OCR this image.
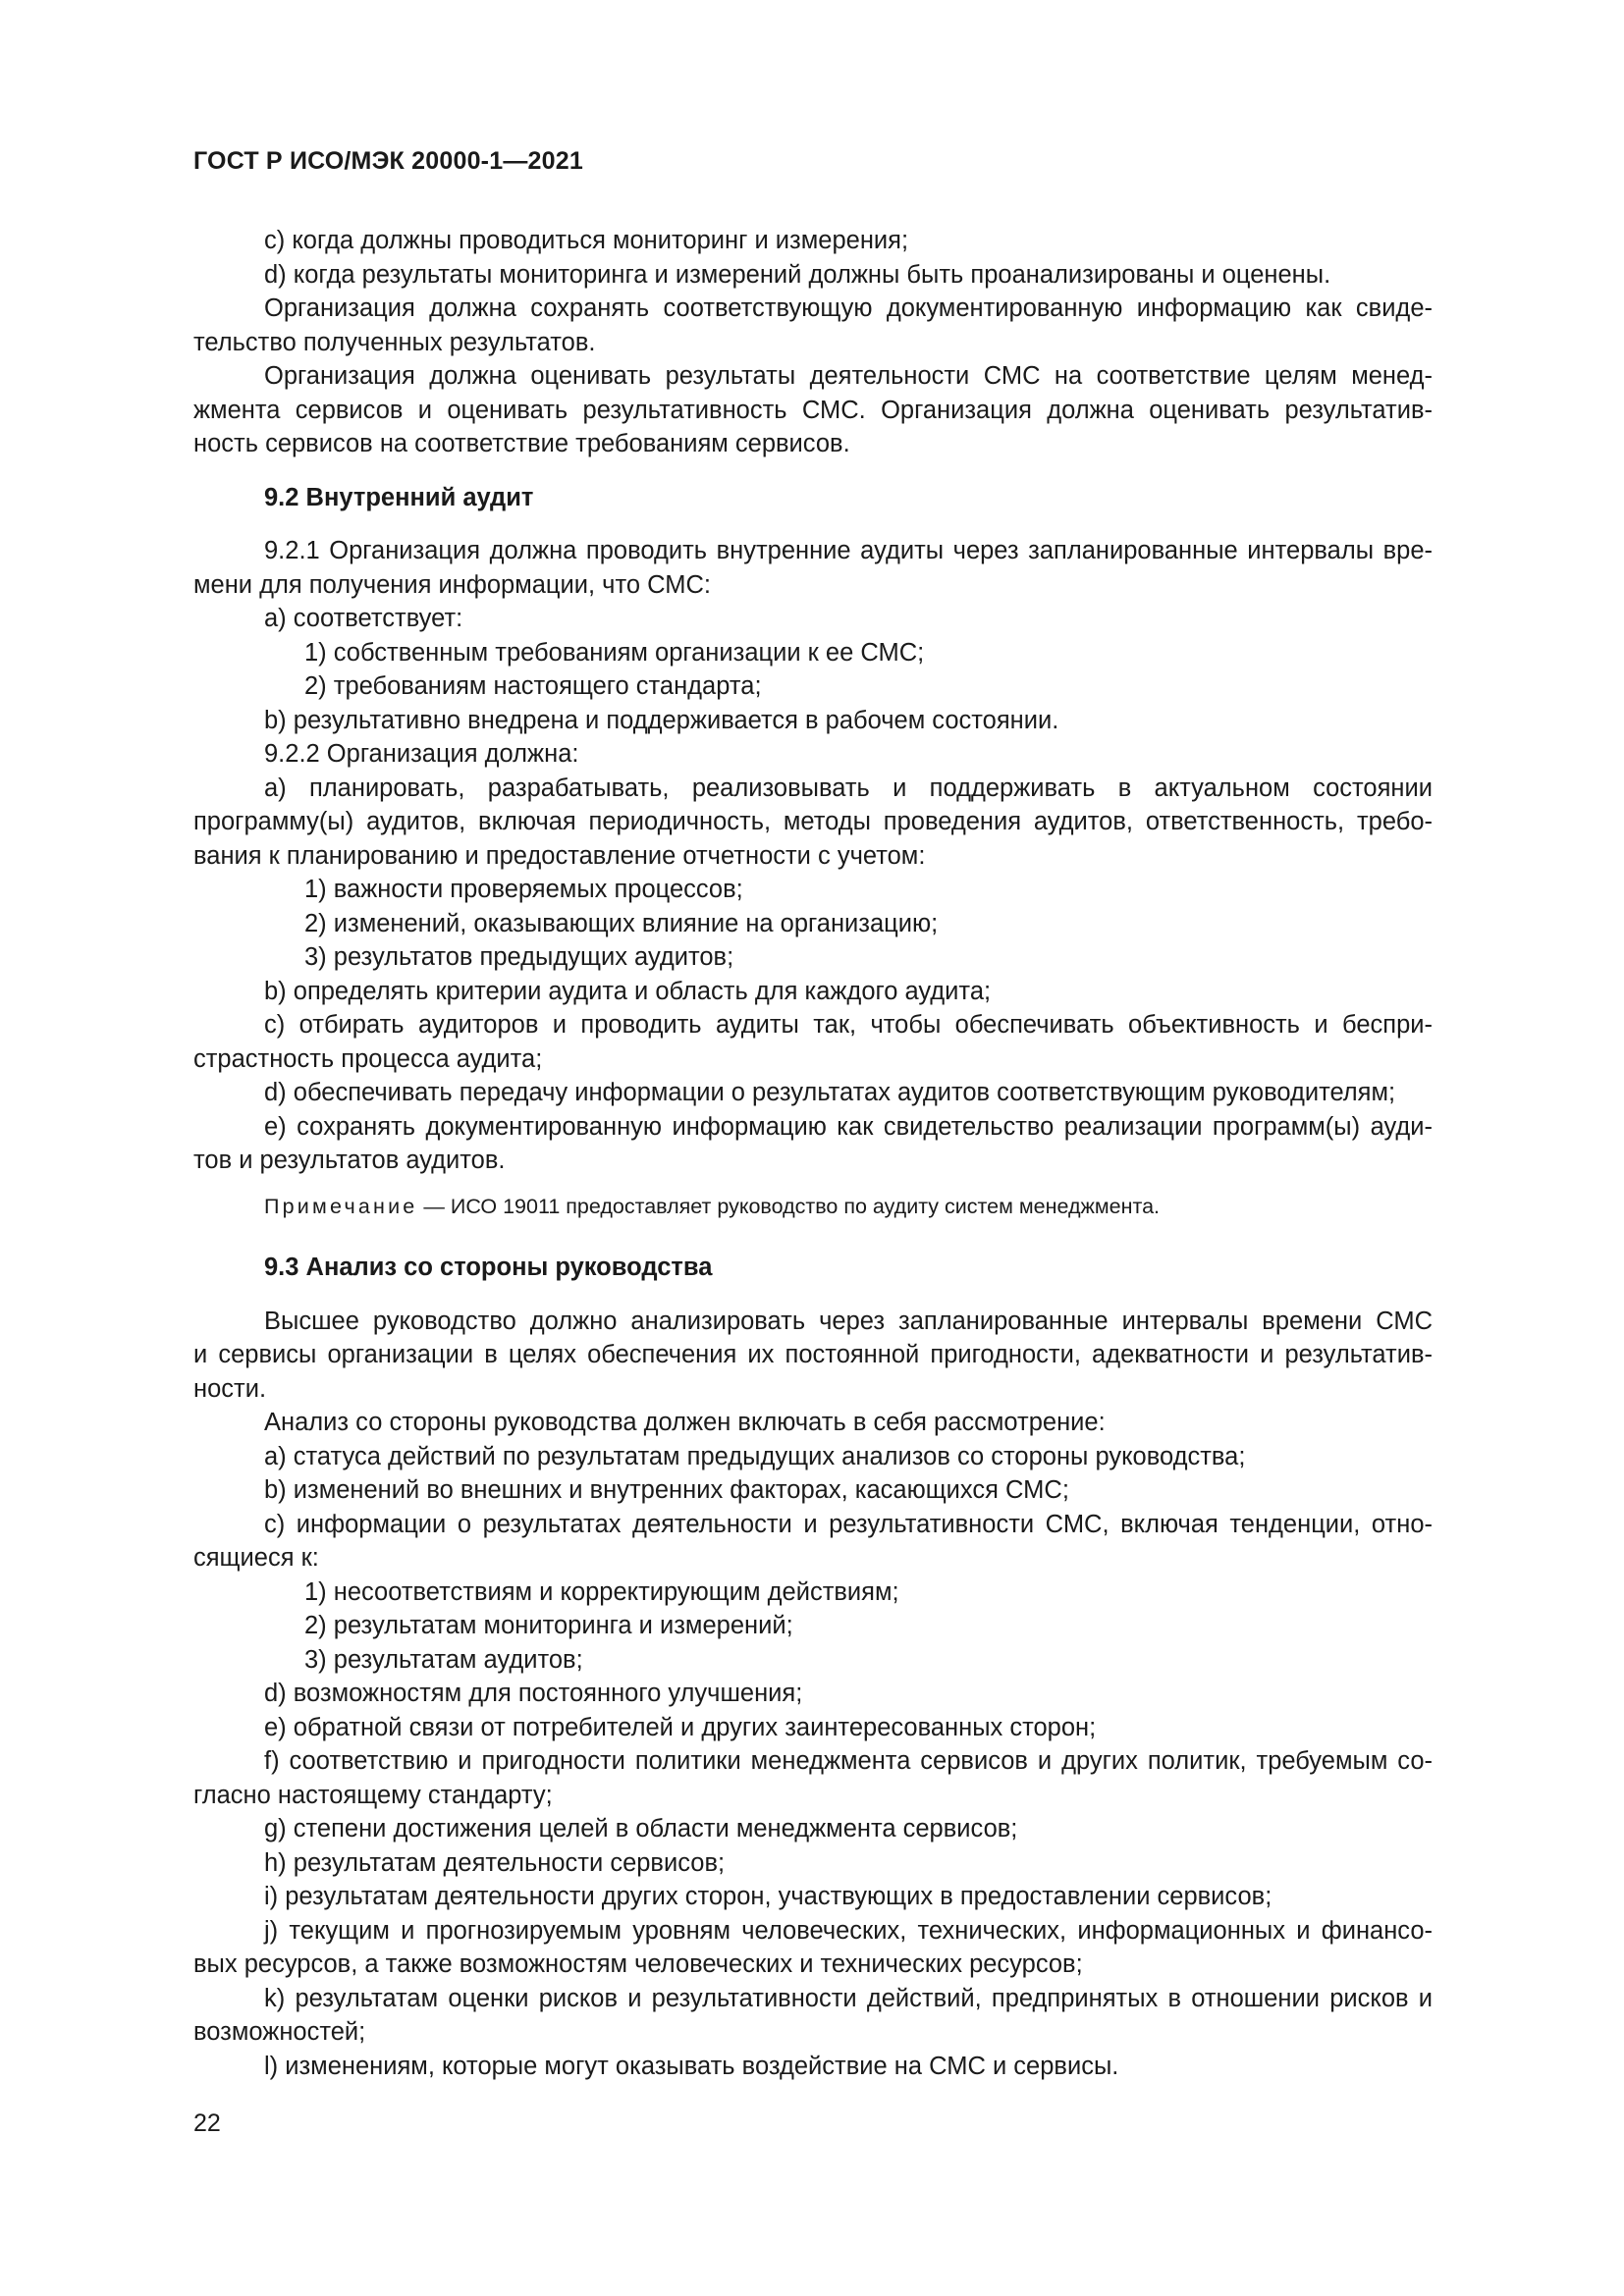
ГОСТ Р ИСО/МЭК 20000-1—2021

c) когда должны проводиться мониторинг и измерения;

d) когда результаты мониторинга и измерений должны быть проанализированы и оценены.

Организация должна сохранять соответствующую документированную информацию как свиде-

тельство полученных результатов.

Организация должна оценивать результаты деятельности СМС на соответствие целям менед-

жмента сервисов и оценивать результативность СМС. Организация должна оценивать результатив-

ность сервисов на соответствие требованиям сервисов.

9.2 Внутренний аудит

9.2.1 Организация должна проводить внутренние аудиты через запланированные интервалы вре-

мени для получения информации, что СМС:

a) соответствует:

1) собственным требованиям организации к ее СМС;

2) требованиям настоящего стандарта;

b) результативно внедрена и поддерживается в рабочем состоянии.

9.2.2 Организация должна:

a) планировать, разрабатывать, реализовывать и поддерживать в актуальном состоянии

программу(ы) аудитов, включая периодичность, методы проведения аудитов, ответственность, требо-

вания к планированию и предоставление отчетности с учетом:

1) важности проверяемых процессов;

2) изменений, оказывающих влияние на организацию;

3) результатов предыдущих аудитов;

b) определять критерии аудита и область для каждого аудита;

c) отбирать аудиторов и проводить аудиты так, чтобы обеспечивать объективность и беспри-

страстность процесса аудита;

d) обеспечивать передачу информации о результатах аудитов соответствующим руководителям;

e) сохранять документированную информацию как свидетельство реализации программ(ы) ауди-

тов и результатов аудитов.

Примечание — ИСО 19011 предоставляет руководство по аудиту систем менеджмента.

9.3 Анализ со стороны руководства

Высшее руководство должно анализировать через запланированные интервалы времени СМС

и сервисы организации в целях обеспечения их постоянной пригодности, адекватности и результатив-

ности.

Анализ со стороны руководства должен включать в себя рассмотрение:

a) статуса действий по результатам предыдущих анализов со стороны руководства;

b) изменений во внешних и внутренних факторах, касающихся СМС;

c) информации о результатах деятельности и результативности СМС, включая тенденции, отно-

сящиеся к:

1) несоответствиям и корректирующим действиям;

2) результатам мониторинга и измерений;

3) результатам аудитов;

d) возможностям для постоянного улучшения;

e) обратной связи от потребителей и других заинтересованных сторон;

f) соответствию и пригодности политики менеджмента сервисов и других политик, требуемым со-

гласно настоящему стандарту;

g) степени достижения целей в области менеджмента сервисов;

h) результатам деятельности сервисов;

i) результатам деятельности других сторон, участвующих в предоставлении сервисов;

j) текущим и прогнозируемым уровням человеческих, технических, информационных и финансо-

вых ресурсов, а также возможностям человеческих и технических ресурсов;

k) результатам оценки рисков и результативности действий, предпринятых в отношении рисков и

возможностей;

l) изменениям, которые могут оказывать воздействие на СМС и сервисы.

22
